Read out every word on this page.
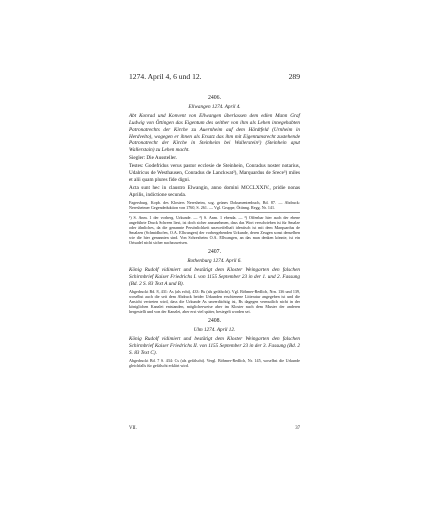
1274. April 4, 6 und 12.	289
2406.
Ellwangen 1274. April 4.
Abt Konrad und Konvent von Ellwangen überlassen dem edlen Mann Graf Ludwig von Öttingen das Eigentum des seither von ihm als Lehen innegehabten Patronatrechts der Kirche zu Auernheim auf dem Härdtfeld (Urnheim in Herdvelto), wogegen er ihnen als Ersatz das ihm mit Eigentumsrecht zustehende Patronatrecht der Kirche in Steinheim bei Wallerstein¹) (Steinhein aput Wallerstain) zu Lehen macht.
Siegler: Die Aussteller.
Testes: Godefridus verus pastor ecclesie de Steinhein, Conradus noster notarius, Udalricus de Westhausen, Conradus de Lanckwat²), Marquardus de Srece³) miles et alii quam plures fide digni.
Acta sunt hec in claustro Elwangin, anno domini MCCLXXIV., pridie nonas Aprilis, indictione secunda.
Fagersburg. Kopb. des Klosters Neresheim, sog. grünes Dokumentenbuch, Bd. 87. — Abdruck: Neresheimer Gegendeduktion von 1760, S. 261. — Vgl. Gruppe, Öttinng. Regg. Nr. 141.
¹) S. Anm. 1 der vorherg. Urkunde. — ²) S. Anm. 1 ebenda. — ³) Offenbar hier auch der ebene angeführte Druck Schreen liest, ist doch sicher anzunehmen, dass das Wort verschrieben ist für Smalze oder ähnliches, da die genannte Persönlichkeit unzweifelhaft identisch ist mit dem Marquardus de Smalzen (Schmidhofen, O.A. Ellwangen) der vorhergehenden Urkunde, deren Zeugen sonst denselben wie die hier genannten sind. Von Schrezheim O.A. Ellwangen, an das man denken könnte, ist ein Ortsadel nicht sicher nachzuweisen.
2407.
Rothenburg 1274. April 6.
König Rudolf vidimiert und bestätigt dem Kloster Weingarten den falschen Schirmbrief Kaiser Friedrichs I. von 1155 September 23 in der 1. und 2. Fassung (Bd. 2 S. 83 Text A und B).
Abgedruckt Bd. 8, 431: As (als echt), 433: Bs (als gefälscht). Vgl. Böhmer-Redlich, Nrn. 136 und 139, woselbst auch die seit dem Abdruck beider Urkunden erschienene Litteratur angegeben ist und die Ansicht vertreten wird, dass die Urkunde As unverdächtig ist, Bs dagegen vermutlich nicht in der königlichen Kanzlei entstanden, möglicherweise aber im Kloster nach dem Muster der anderen hergestellt und von der Kanzlei, aber erst viel später, besiegelt worden sei.
2408.
Ulm 1274. April 12.
König Rudolf vidimiert und bestätigt dem Kloster Weingarten den falschen Schirmbrief Kaiser Friedrichs II. von 1155 September 23 in der 3. Fassung (Bd. 2 S. 83 Text C).
Abgedruckt Bd. 7 S. 434: Cs (als gefälscht). Vergl. Böhmer-Redlich, Nr. 145, woselbst die Urkunde gleichfalls für gefälscht erklärt wird.
VII.	37
